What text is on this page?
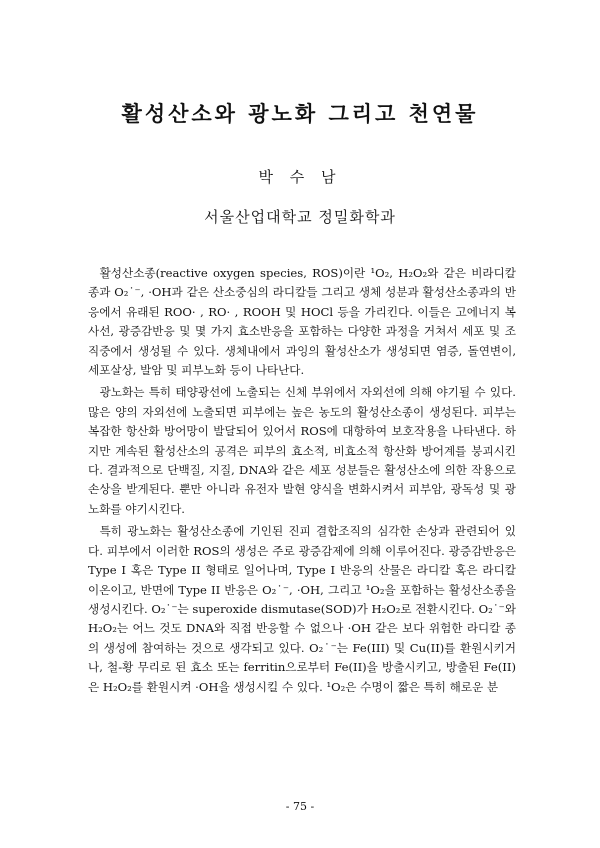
활성산소와 광노화 그리고 천연물
박 수 남
서울산업대학교 정밀화학과

활성산소종(reactive oxygen species, ROS)이란 ¹O₂, H₂O₂와 같은 비라디칼종과 O₂˙⁻, ·OH과 같은 산소중심의 라디칼들 그리고 생체 성분과 활성산소종과의 반응에서 유래된 ROO· , RO· , ROOH 및 HOCl 등을 가리킨다. 이들은 고에너지 복사선, 광증감반응 및 몇 가지 효소반응을 포함하는 다양한 과정을 거쳐서 세포 및 조직중에서 생성될 수 있다. 생체내에서 과잉의 활성산소가 생성되면 염증, 돌연변이, 세포살상, 발암 및 피부노화 등이 나타난다.

광노화는 특히 태양광선에 노출되는 신체 부위에서 자외선에 의해 야기될 수 있다. 많은 양의 자외선에 노출되면 피부에는 높은 농도의 활성산소종이 생성된다. 피부는 복잡한 항산화 방어망이 발달되어 있어서 ROS에 대항하여 보호작용을 나타낸다. 하지만 계속된 활성산소의 공격은 피부의 효소적, 비효소적 항산화 방어계를 붕괴시킨다. 결과적으로 단백질, 지질, DNA와 같은 세포 성분들은 활성산소에 의한 작용으로 손상을 받게된다. 뿐만 아니라 유전자 발현 양식을 변화시켜서 피부암, 광독성 및 광노화를 야기시킨다.

특히 광노화는 활성산소종에 기인된 진피 결합조직의 심각한 손상과 관련되어 있다. 피부에서 이러한 ROS의 생성은 주로 광증감제에 의해 이루어진다. 광증감반응은 Type I 혹은 Type II 형태로 일어나며, Type I 반응의 산물은 라디칼 혹은 라디칼 이온이고, 반면에 Type II 반응은 O₂˙⁻, ·OH, 그리고 ¹O₂을 포함하는 활성산소종을 생성시킨다. O₂˙⁻는 superoxide dismutase(SOD)가 H₂O₂로 전환시킨다. O₂˙⁻와 H₂O₂는 어느 것도 DNA와 직접 반응할 수 없으나 ·OH 같은 보다 위험한 라디칼 종의 생성에 참여하는 것으로 생각되고 있다. O₂˙⁻는 Fe(III) 및 Cu(II)를 환원시키거나, 철-황 무리로 된 효소 또는 ferritin으로부터 Fe(II)을 방출시키고, 방출된 Fe(II)은 H₂O₂를 환원시켜 ·OH을 생성시킬 수 있다. ¹O₂은 수명이 짧은 특히 해로운 분

- 75 -
